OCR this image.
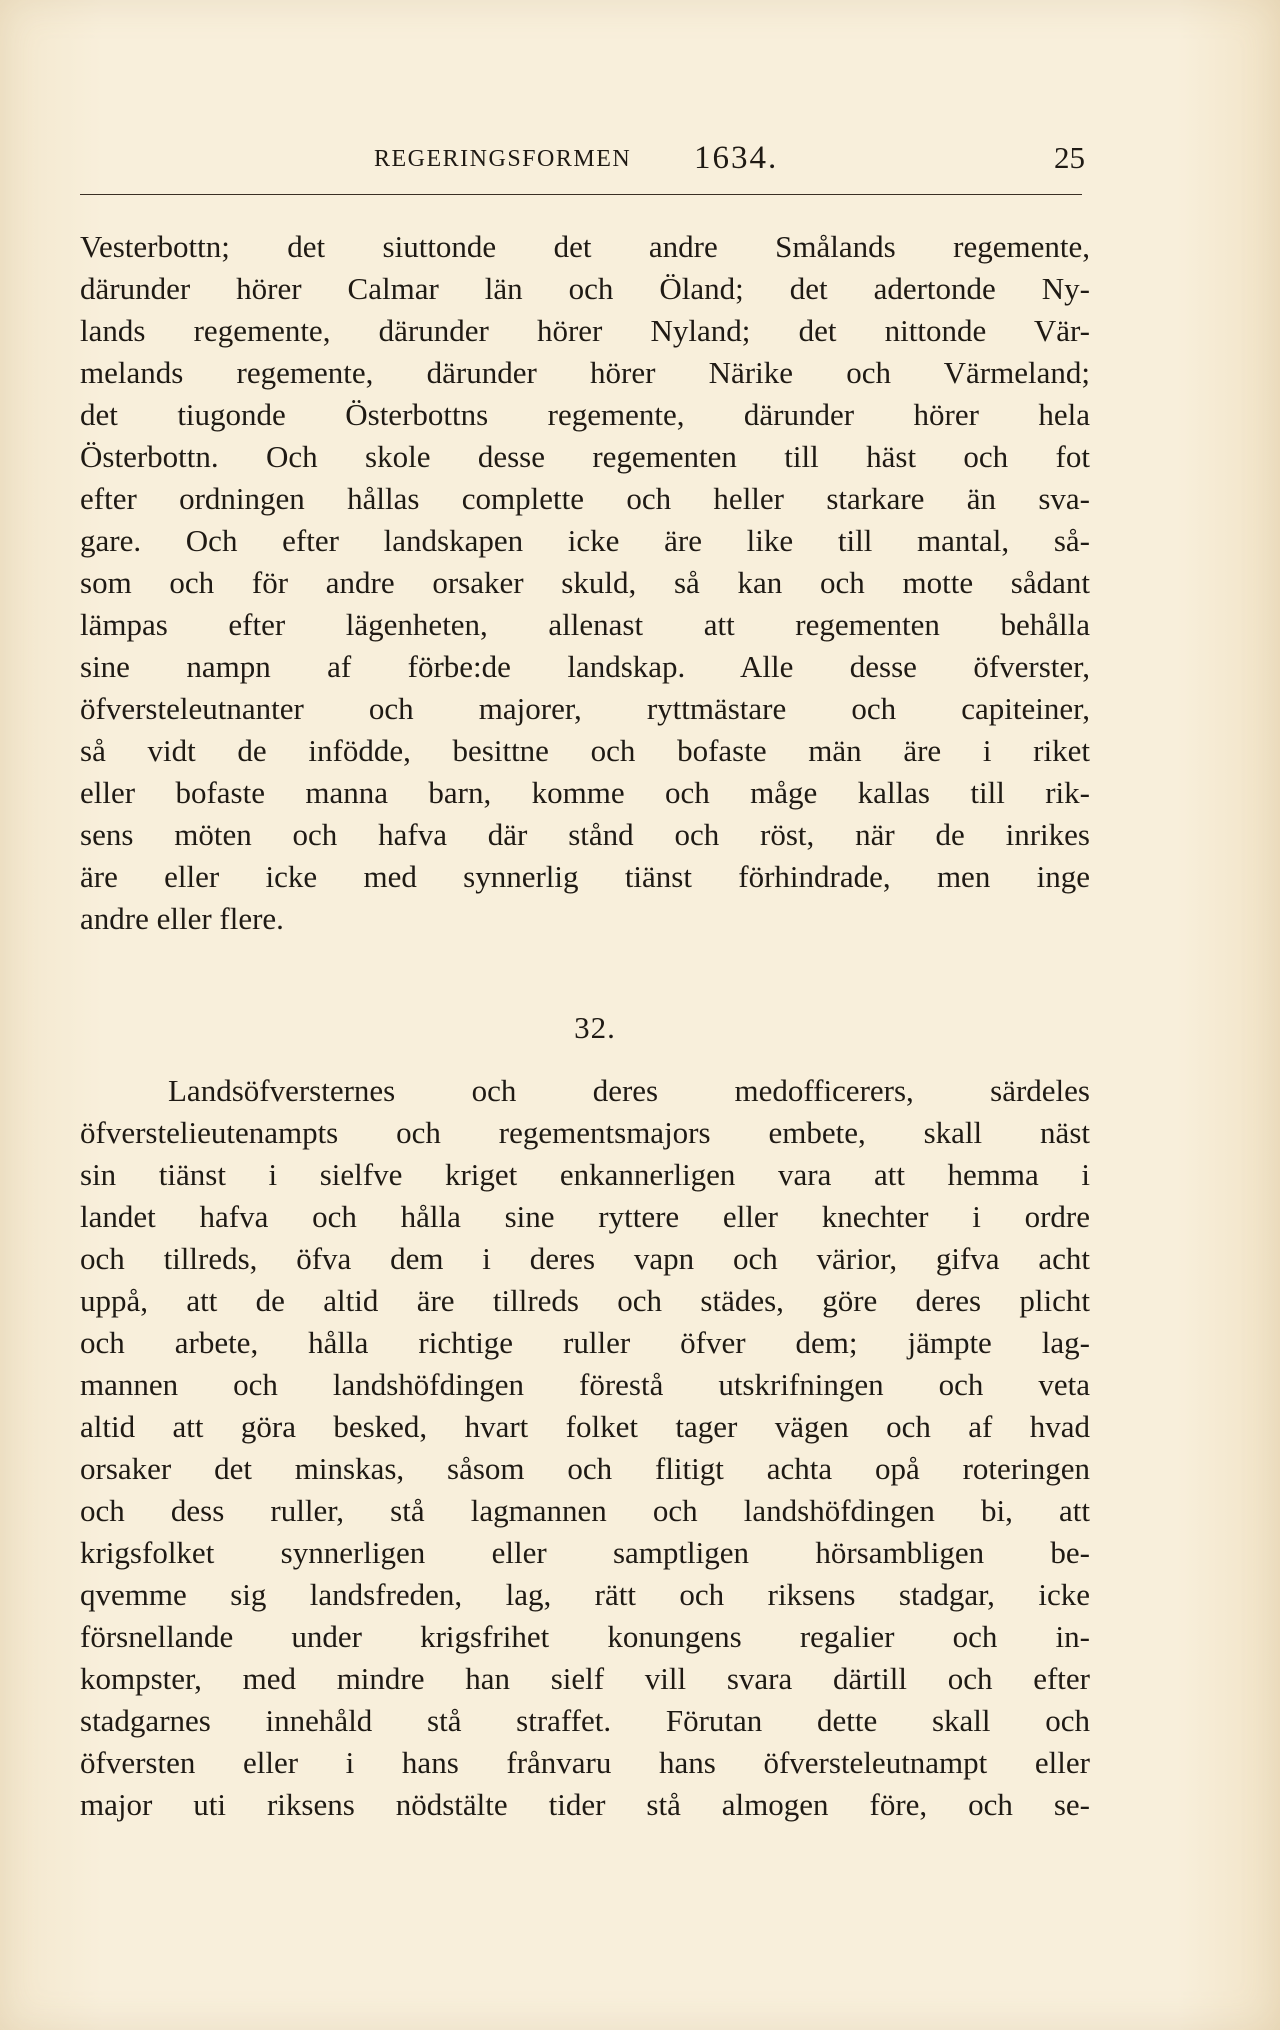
REGERINGSFORMEN 1634.	25
Vesterbottn; det siuttonde det andre Smålands regemente,
därunder hörer Calmar län och Öland; det adertonde Ny-
lands regemente, därunder hörer Nyland; det nittonde Vär-
melands regemente, därunder hörer Närike och Värmeland;
det tiugonde Österbottns regemente, därunder hörer hela
Österbottn. Och skole desse regementen till häst och fot
efter ordningen hållas complette och heller starkare än sva-
gare. Och efter landskapen icke äre like till mantal, så-
som och för andre orsaker skuld, så kan och motte sådant
lämpas efter lägenheten, allenast att regementen behålla
sine nampn af förbe:de landskap. Alle desse öfverster,
öfversteleutnanter och majorer, ryttmästare och capiteiner,
så vidt de infödde, besittne och bofaste män äre i riket
eller bofaste manna barn, komme och måge kallas till rik-
sens möten och hafva där stånd och röst, när de inrikes
äre eller icke med synnerlig tiänst förhindrade, men inge
andre eller flere.
32.
Landsöfversternes och deres medofficerers, särdeles
öfverstelieutenampts och regementsmajors embete, skall näst
sin tiänst i sielfve kriget enkannerligen vara att hemma i
landet hafva och hålla sine ryttere eller knechter i ordre
och tillreds, öfva dem i deres vapn och värior, gifva acht
uppå, att de altid äre tillreds och städes, göre deres plicht
och arbete, hålla richtige ruller öfver dem; jämpte lag-
mannen och landshöfdingen förestå utskrifningen och veta
altid att göra besked, hvart folket tager vägen och af hvad
orsaker det minskas, såsom och flitigt achta opå roteringen
och dess ruller, stå lagmannen och landshöfdingen bi, att
krigsfolket synnerligen eller samptligen hörsambligen be-
qvemme sig landsfreden, lag, rätt och riksens stadgar, icke
försnellande under krigsfrihet konungens regalier och in-
kompster, med mindre han sielf vill svara därtill och efter
stadgarnes innehåld stå straffet. Förutan dette skall och
öfversten eller i hans frånvaru hans öfversteleutnampt eller
major uti riksens nödstälte tider stå almogen före, och se-
